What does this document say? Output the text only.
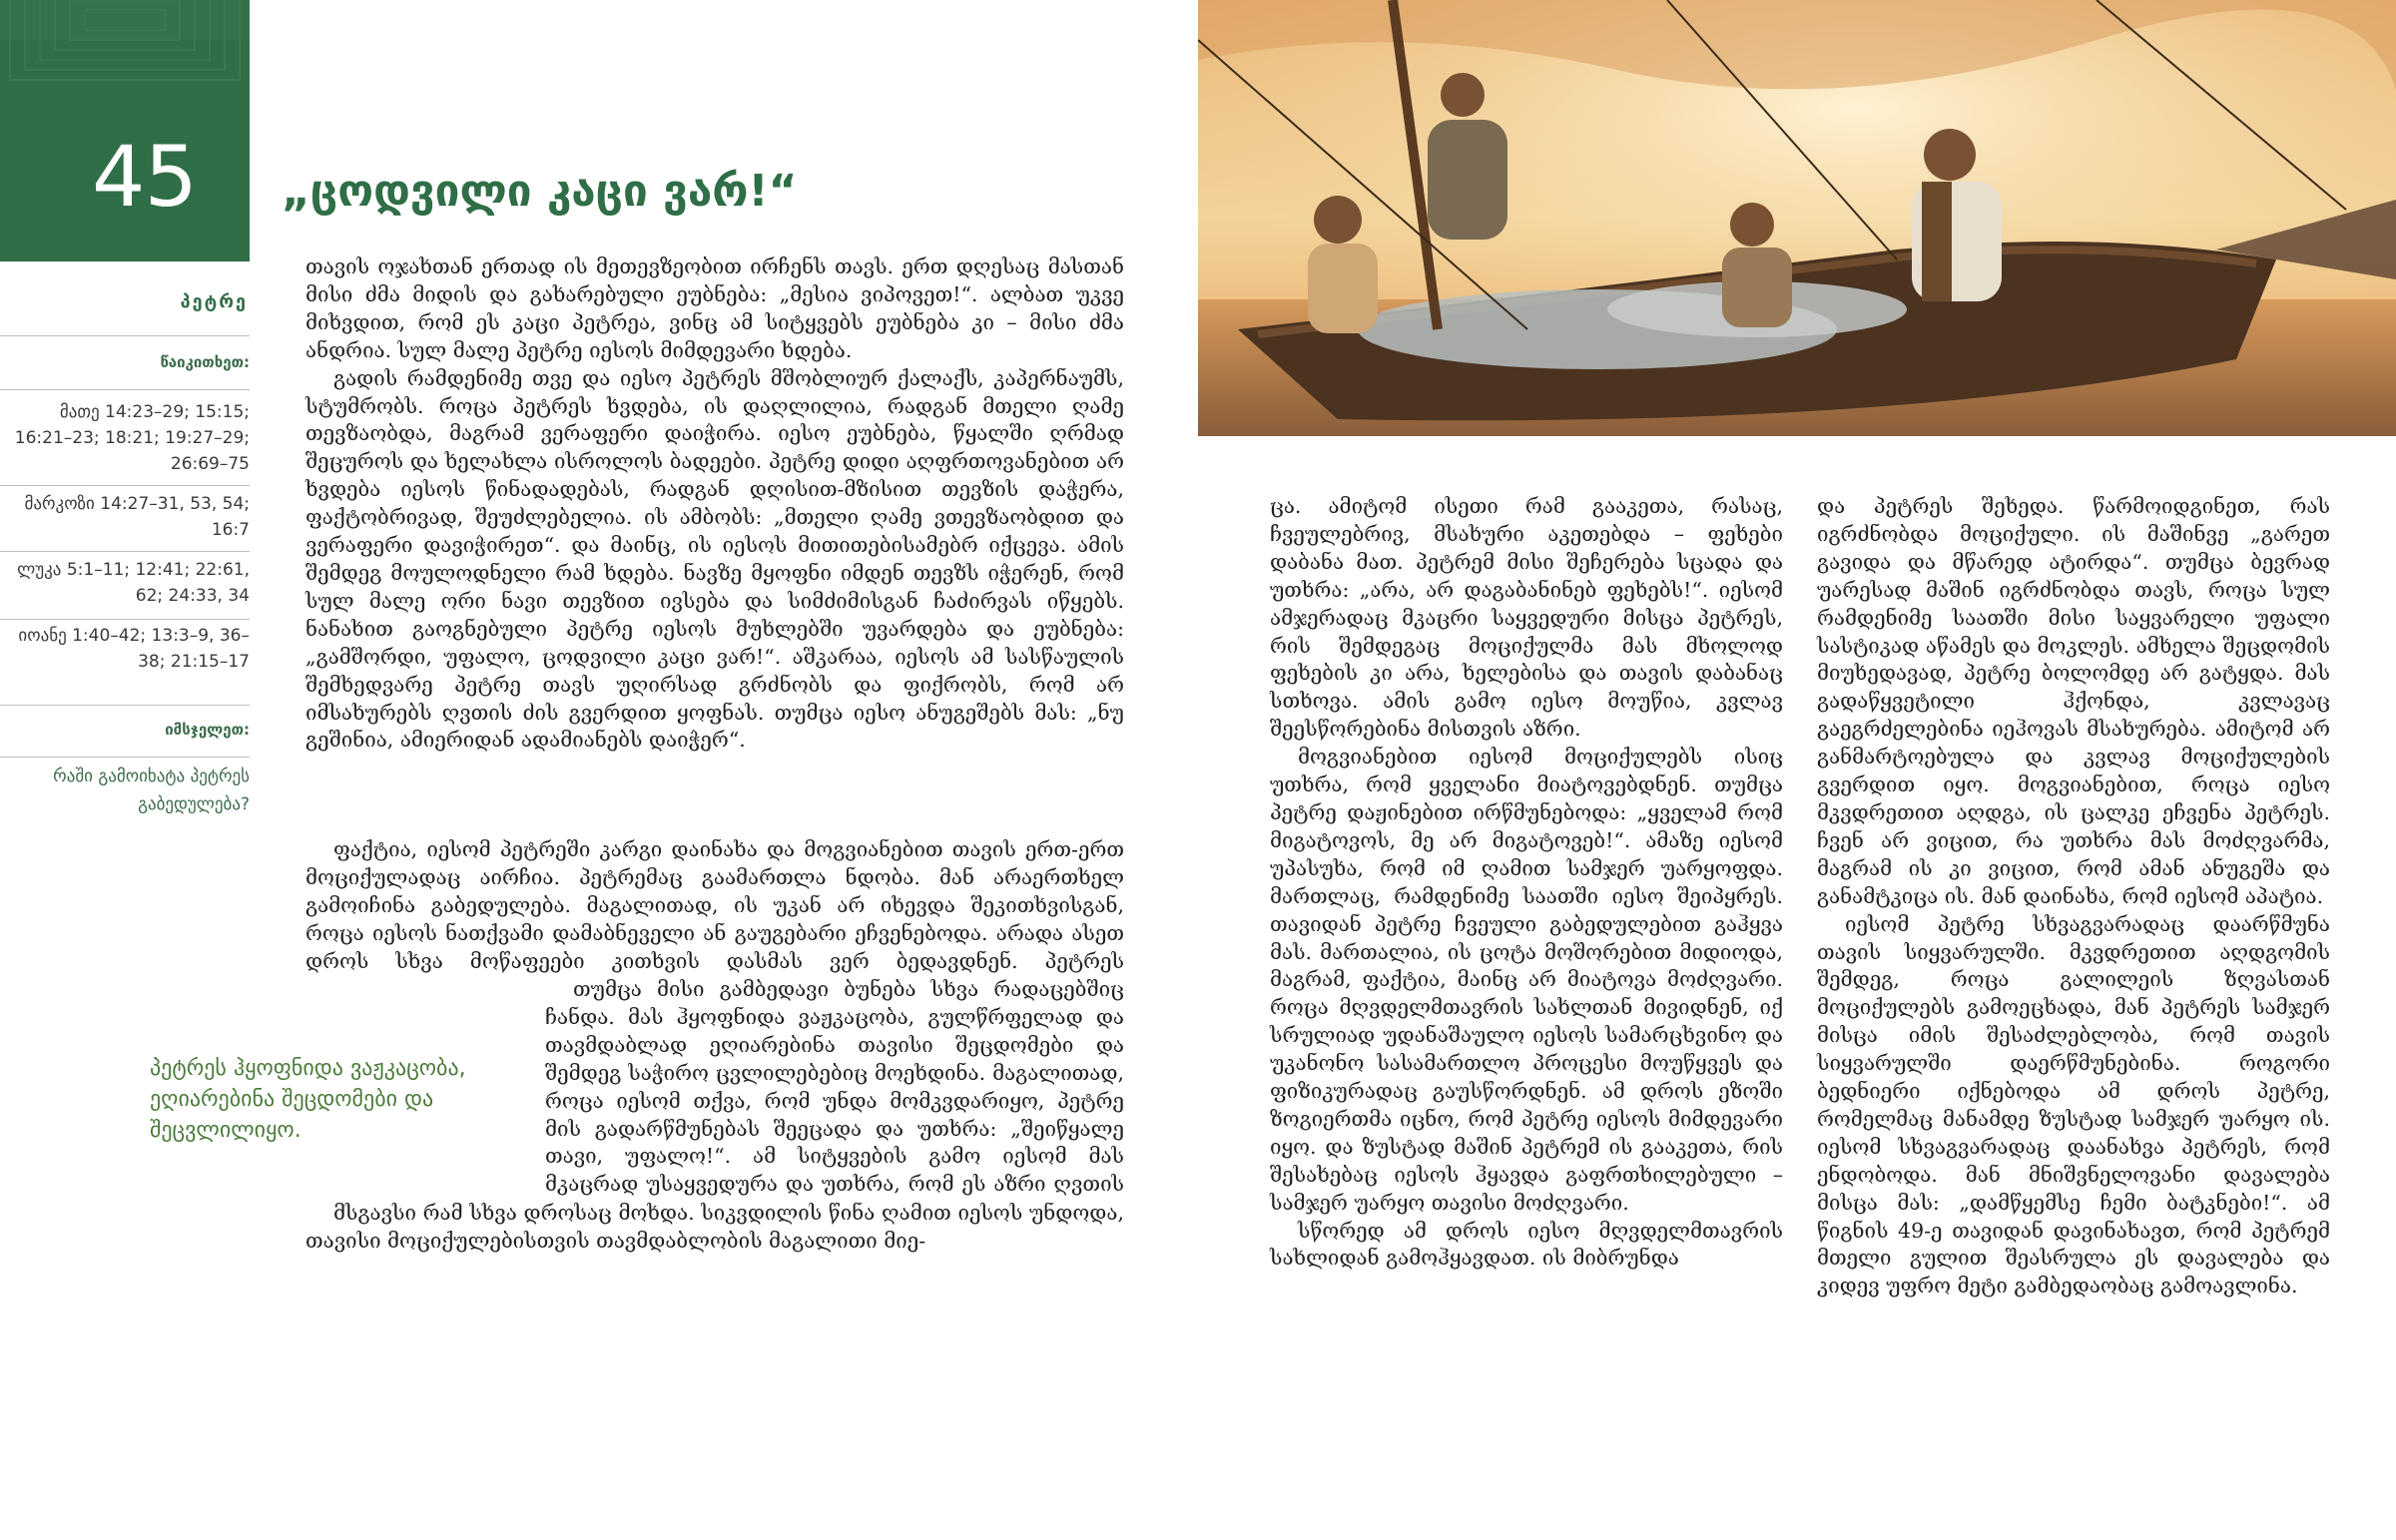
45
პეტრე
წაიკითხეთ:
მათე 14:23–29; 15:15; 16:21–23; 18:21; 19:27–29; 26:69–75
მარკოზი 14:27–31, 53, 54; 16:7
ლუკა 5:1–11; 12:41; 22:61, 62; 24:33, 34
იოანე 1:40–42; 13:3–9, 36–38; 21:15–17
იმსჯელეთ:
რაში გამოიხატა პეტრეს გაბედულება?
„ცოდვილი კაცი ვარ!“

თავის ოჯახთან ერთად ის მეთევზეობით ირჩენს თავს. ერთ დღესაც მასთან მისი ძმა მიდის და გახარებული ეუბნება: „მესია ვიპოვეთ!“. ალბათ უკვე მიხვდით, რომ ეს კაცი პეტრეა, ვინც ამ სიტყვებს ეუბნება კი – მისი ძმა ანდრია. სულ მალე პეტრე იესოს მიმდევარი ხდება.

გადის რამდენიმე თვე და იესო პეტრეს მშობლიურ ქალაქს, კაპერნაუმს, სტუმრობს. როცა პეტრეს ხვდება, ის დაღლილია, რადგან მთელი ღამე თევზაობდა, მაგრამ ვერაფერი დაიჭირა. იესო ეუბნება, წყალში ღრმად შეცუროს და ხელახლა ისროლოს ბადეები. პეტრე დიდი აღფრთოვანებით არ ხვდება იესოს წინადადებას, რადგან დღისით-მზისით თევზის დაჭერა, ფაქტობრივად, შეუძლებელია. ის ამბობს: „მთელი ღამე ვთევზაობდით და ვერაფერი დავიჭირეთ“. და მაინც, ის იესოს მითითებისამებრ იქცევა. ამის შემდეგ მოულოდნელი რამ ხდება. ნავზე მყოფნი იმდენ თევზს იჭერენ, რომ სულ მალე ორი ნავი თევზით ივსება და სიმძიმისგან ჩაძირვას იწყებს. ნანახით გაოგნებული პეტრე იესოს მუხლებში უვარდება და ეუბნება: „გამშორდი, უფალო, ცოდვილი კაცი ვარ!“. აშკარაა, იესოს ამ სასწაულის შემხედვარე პეტრე თავს უღირსად გრძნობს და ფიქრობს, რომ არ იმსახურებს ღვთის ძის გვერდით ყოფნას. თუმცა იესო ანუგეშებს მას: „ნუ გეშინია, ამიერიდან ადამიანებს დაიჭერ“.

ფაქტია, იესომ პეტრეში კარგი დაინახა და მოგვიანებით თავის ერთ-ერთ მოციქულადაც აირჩია. პეტრემაც გაამართლა ნდობა. მან არაერთხელ გამოიჩინა გაბედულება. მაგალითად, ის უკან არ იხევდა შეკითხვისგან, როცა იესოს ნათქვამი დამაბნეველი ან გაუგებარი ეჩვენებოდა. არადა ასეთ დროს სხვა მოწაფეები კითხვის დასმას ვერ ბედავდნენ. პეტრეს

თუმცა მისი გამბედავი ბუნება სხვა რადაცებშიც ჩანდა. მას ჰყოფნიდა ვაჟკაცობა, გულწრფელად და თავმდაბლად ეღიარებინა თავისი შეცდომები და შემდეგ საჭირო ცვლილებებიც მოეხდინა. მაგალითად, როცა იესომ თქვა, რომ უნდა მომკვდარიყო, პეტრე მის გადარწმუნებას შეეცადა და უთხრა: „შეიწყალე თავი, უფალო!“. ამ სიტყვების გამო იესომ მას მკაცრად უსაყვედურა და უთხრა, რომ ეს აზრი ღვთის

მსგავსი რამ სხვა დროსაც მოხდა. სიკვდილის წინა ღამით იესოს უნდოდა, თავისი მოციქულებისთვის თავმდაბლობის მაგალითი მიე-

პეტრეს ჰყოფნიდა ვაჟკაცობა, ეღიარებინა შეცდომები და შეცვლილიყო.

ცა. ამიტომ ისეთი რამ გააკეთა, რასაც, ჩვეულებრივ, მსახური აკეთებდა – ფეხები დაბანა მათ. პეტრემ მისი შეჩერება სცადა და უთხრა: „არა, არ დაგაბანინებ ფეხებს!“. იესომ ამჯერადაც მკაცრი საყვედური მისცა პეტრეს, რის შემდეგაც მოციქულმა მას მხოლოდ ფეხების კი არა, ხელებისა და თავის დაბანაც სთხოვა. ამის გამო იესო მოუწია, კვლავ შეესწორებინა მისთვის აზრი.

მოგვიანებით იესომ მოციქულებს ისიც უთხრა, რომ ყველანი მიატოვებდნენ. თუმცა პეტრე დაჟინებით ირწმუნებოდა: „ყველამ რომ მიგატოვოს, მე არ მიგატოვებ!“. ამაზე იესომ უპასუხა, რომ იმ ღამით სამჯერ უარყოფდა. მართლაც, რამდენიმე საათში იესო შეიპყრეს. თავიდან პეტრე ჩვეული გაბედულებით გაჰყვა მას. მართალია, ის ცოტა მოშორებით მიდიოდა, მაგრამ, ფაქტია, მაინც არ მიატოვა მოძღვარი. როცა მღვდელმთავრის სახლთან მივიდნენ, იქ სრულიად უდანაშაულო იესოს სამარცხვინო და უკანონო სასამართლო პროცესი მოუწყვეს და ფიზიკურადაც გაუსწორდნენ. ამ დროს ეზოში ზოგიერთმა იცნო, რომ პეტრე იესოს მიმდევარი იყო. და ზუსტად მაშინ პეტრემ ის გააკეთა, რის შესახებაც იესოს ჰყავდა გაფრთხილებული – სამჯერ უარყო თავისი მოძღვარი.

სწორედ ამ დროს იესო მღვდელმთავრის სახლიდან გამოჰყავდათ. ის მიბრუნდა

და პეტრეს შეხედა. წარმოიდგინეთ, რას იგრძნობდა მოციქული. ის მაშინვე „გარეთ გავიდა და მწარედ ატირდა“. თუმცა ბევრად უარესად მაშინ იგრძნობდა თავს, როცა სულ რამდენიმე საათში მისი საყვარელი უფალი სასტიკად აწამეს და მოკლეს. ამხელა შეცდომის მიუხედავად, პეტრე ბოლომდე არ გატყდა. მას გადაწყვეტილი ჰქონდა, კვლავაც გაეგრძელებინა იეჰოვას მსახურება. ამიტომ არ განმარტოებულა და კვლავ მოციქულების გვერდით იყო. მოგვიანებით, როცა იესო მკვდრეთით აღდგა, ის ცალკე ეჩვენა პეტრეს. ჩვენ არ ვიცით, რა უთხრა მას მოძღვარმა, მაგრამ ის კი ვიცით, რომ ამან ანუგეშა და განამტკიცა ის. მან დაინახა, რომ იესომ აპატია.

იესომ პეტრე სხვაგვარადაც დაარწმუნა თავის სიყვარულში. მკვდრეთით აღდგომის შემდეგ, როცა გალილეის ზღვასთან მოციქულებს გამოეცხადა, მან პეტრეს სამჯერ მისცა იმის შესაძლებლობა, რომ თავის სიყვარულში დაერწმუნებინა. როგორი ბედნიერი იქნებოდა ამ დროს პეტრე, რომელმაც მანამდე ზუსტად სამჯერ უარყო ის. იესომ სხვაგვარადაც დაანახვა პეტრეს, რომ ენდობოდა. მან მნიშვნელოვანი დავალება მისცა მას: „დამწყემსე ჩემი ბატკნები!“. ამ წიგნის 49-ე თავიდან დავინახავთ, რომ პეტრემ მთელი გულით შეასრულა ეს დავალება და კიდევ უფრო მეტი გამბედაობაც გამოავლინა.
